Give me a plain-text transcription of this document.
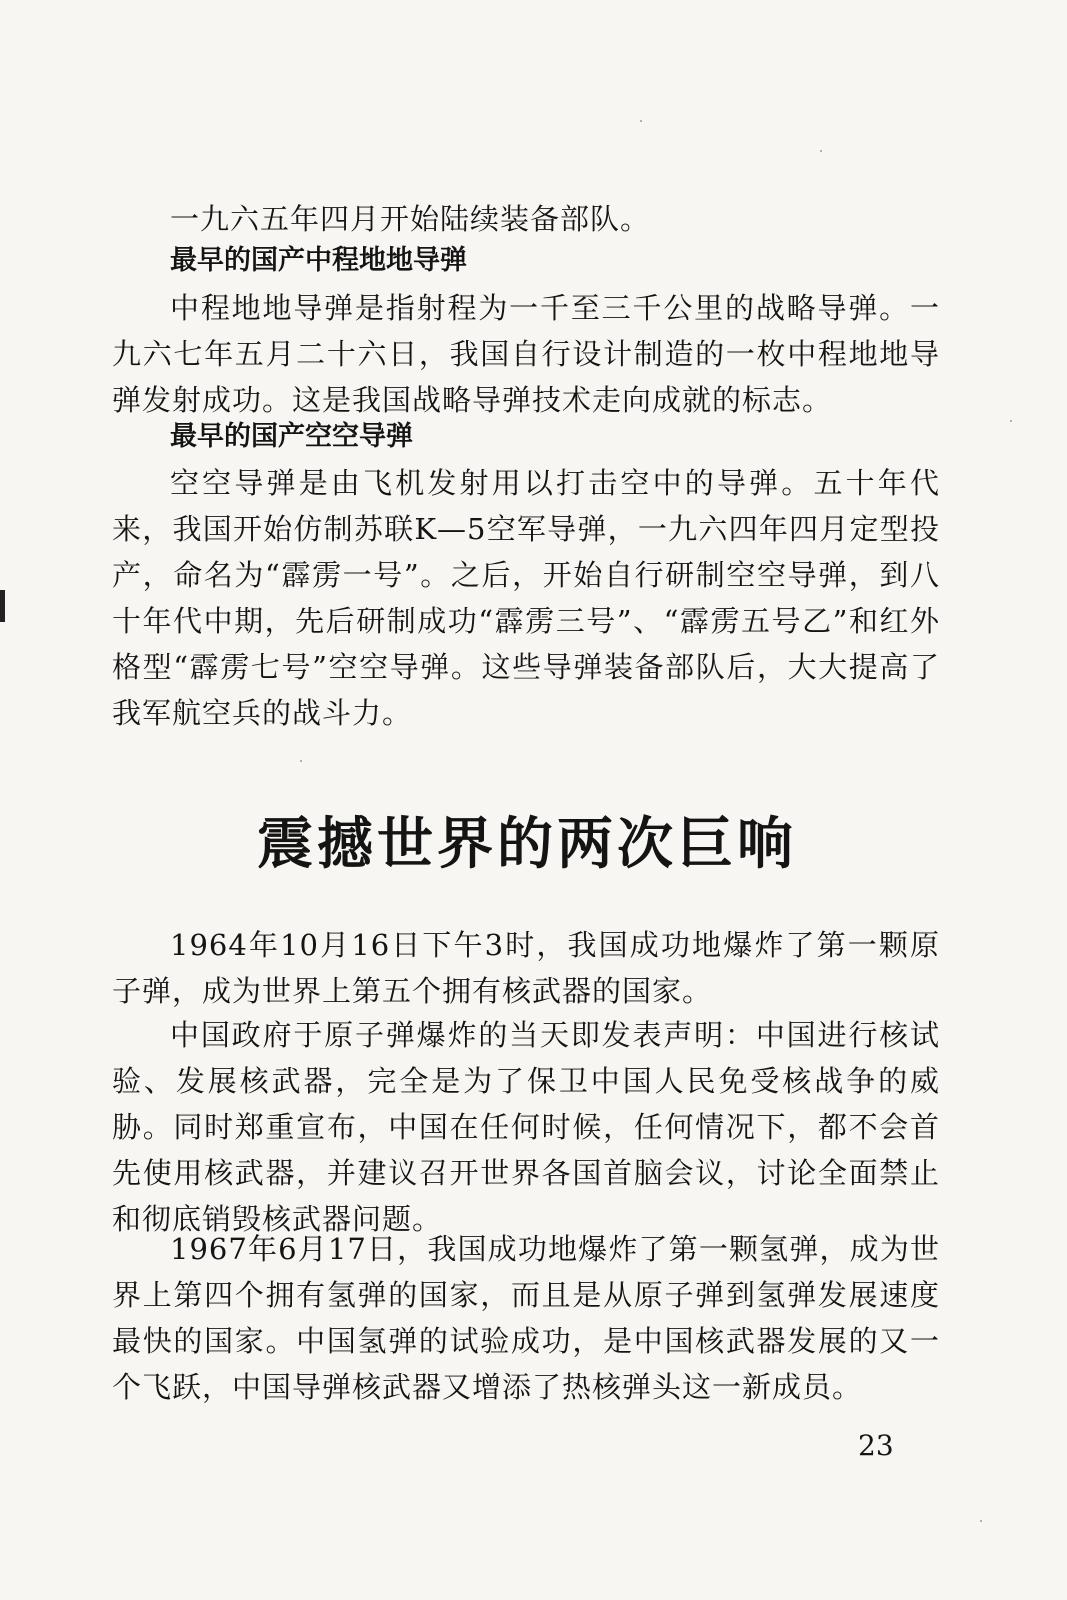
一九六五年四月开始陆续装备部队。

最早的国产中程地地导弹

中程地地导弹是指射程为一千至三千公里的战略导弹。一九六七年五月二十六日，我国自行设计制造的一枚中程地地导弹发射成功。这是我国战略导弹技术走向成就的标志。

最早的国产空空导弹

空空导弹是由飞机发射用以打击空中的导弹。五十年代来，我国开始仿制苏联K—5空军导弹，一九六四年四月定型投产，命名为“霹雳一号”。之后，开始自行研制空空导弹，到八十年代中期，先后研制成功“霹雳三号”、“霹雳五号乙”和红外格型“霹雳七号”空空导弹。这些导弹装备部队后，大大提高了我军航空兵的战斗力。

震撼世界的两次巨响

1964年10月16日下午3时，我国成功地爆炸了第一颗原子弹，成为世界上第五个拥有核武器的国家。

中国政府于原子弹爆炸的当天即发表声明：中国进行核试验、发展核武器，完全是为了保卫中国人民免受核战争的威胁。同时郑重宣布，中国在任何时候，任何情况下，都不会首先使用核武器，并建议召开世界各国首脑会议，讨论全面禁止和彻底销毁核武器问题。

1967年6月17日，我国成功地爆炸了第一颗氢弹，成为世界上第四个拥有氢弹的国家，而且是从原子弹到氢弹发展速度最快的国家。中国氢弹的试验成功，是中国核武器发展的又一个飞跃，中国导弹核武器又增添了热核弹头这一新成员。

23
